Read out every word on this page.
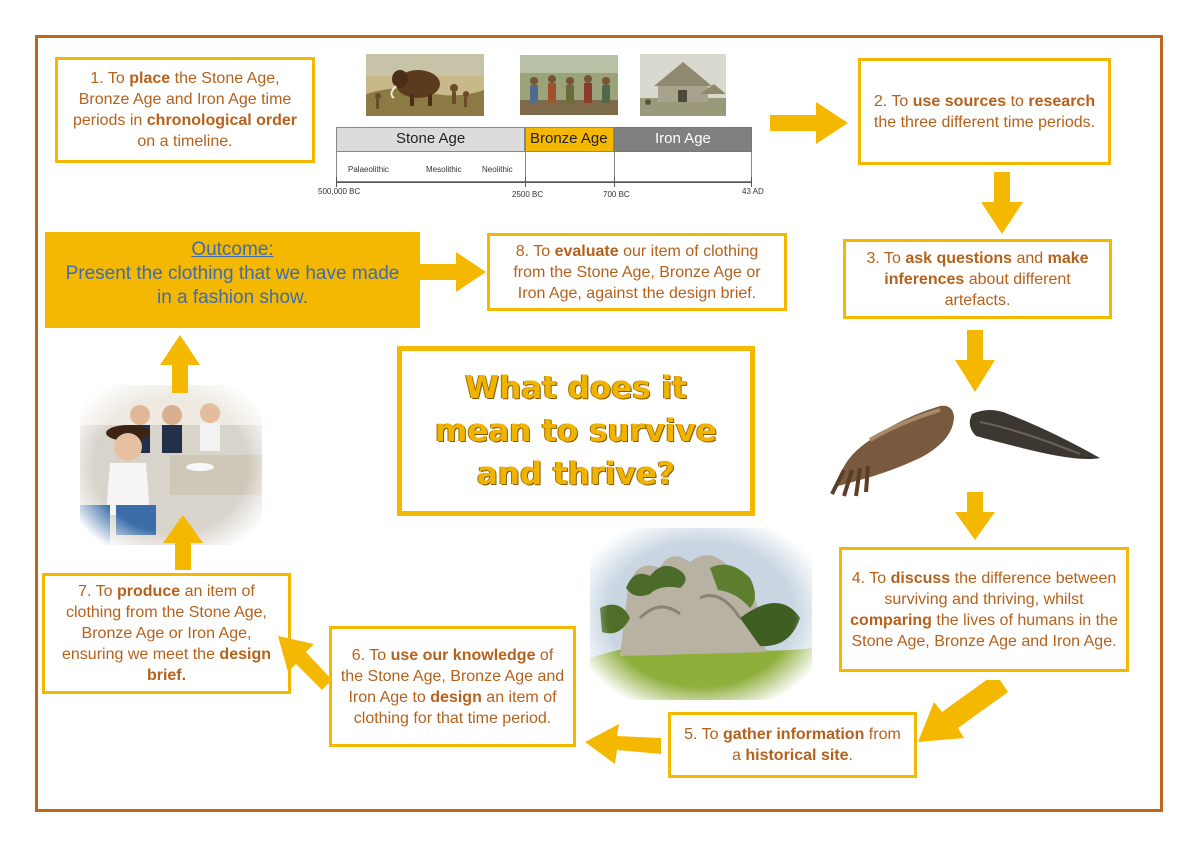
1. To place the Stone Age, Bronze Age and Iron Age time periods in chronological order on a timeline.	Stone Age	Bronze Age	Iron Age
Palaeolithic	Mesolithic	Neolithic
500,000 BC	2500 BC	700 BC	43 AD

2. To use sources to research the three different time periods.

3. To ask questions and make inferences about different artefacts.

4. To discuss the difference between surviving and thriving, whilst comparing the lives of humans in the Stone Age, Bronze Age and Iron Age.

5. To gather information from a historical site.

6. To use our knowledge of the Stone Age, Bronze Age and Iron Age to design an item of clothing for that time period.

7. To produce an item of clothing from the Stone Age, Bronze Age or Iron Age, ensuring we meet the design brief.

Outcome:
Present the clothing that we have made in a fashion show.

8. To evaluate our item of clothing from the Stone Age, Bronze Age or Iron Age, against the design brief.

What does it mean to survive and thrive?
